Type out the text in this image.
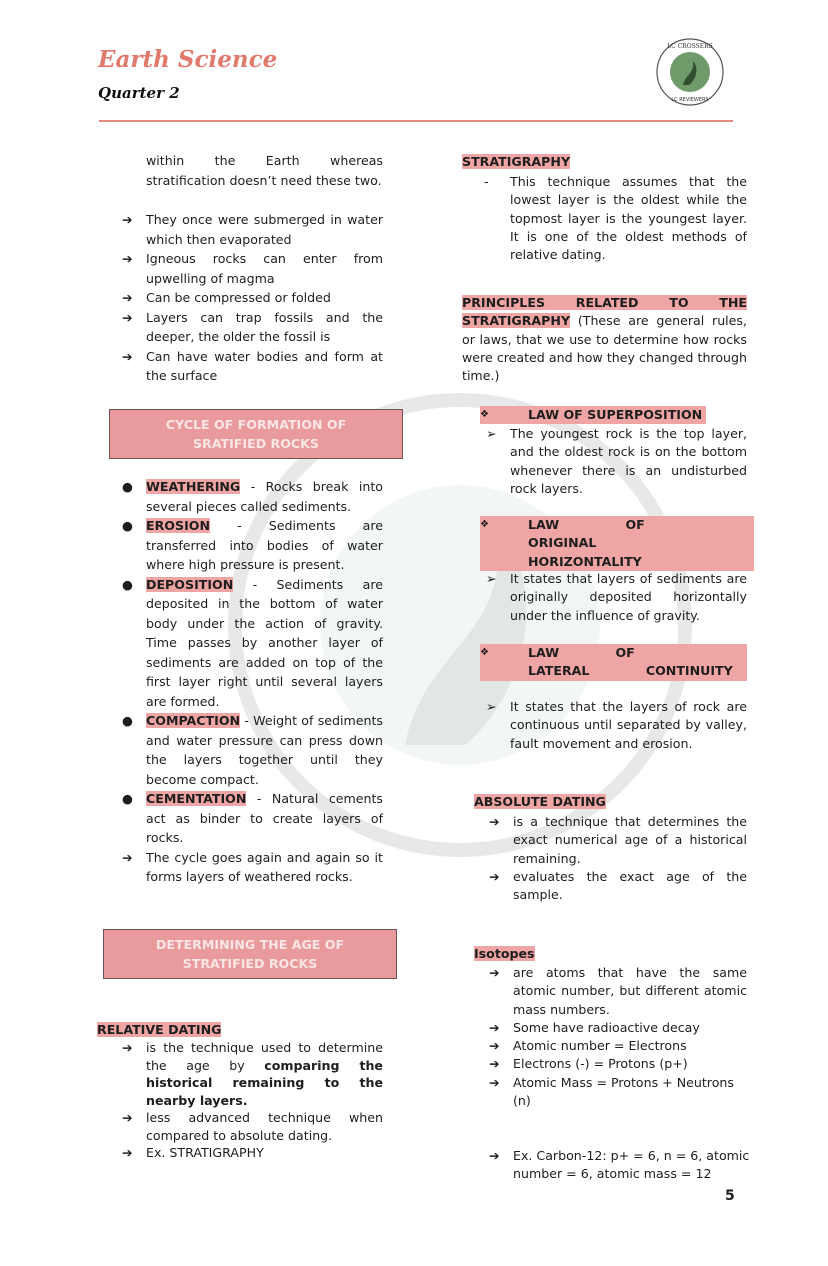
Earth Science
Quarter 2
LC CROSSERS
LC REVIEWERS
within the Earth whereas stratification doesn’t need these two.
➔ They once were submerged in water which then evaporated
➔ Igneous rocks can enter from upwelling of magma
➔ Can be compressed or folded
➔ Layers can trap fossils and the deeper, the older the fossil is
➔ Can have water bodies and form at the surface
CYCLE OF FORMATION OF
SRATIFIED ROCKS
● WEATHERING - Rocks break into several pieces called sediments.
● EROSION - Sediments are transferred into bodies of water where high pressure is present.
● DEPOSITION - Sediments are deposited in the bottom of water body under the action of gravity. Time passes by another layer of sediments are added on top of the first layer right until several layers are formed.
● COMPACTION - Weight of sediments and water pressure can press down the layers together until they become compact.
● CEMENTATION - Natural cements act as binder to create layers of rocks.
➔ The cycle goes again and again so it forms layers of weathered rocks.
DETERMINING THE AGE OF
STRATIFIED ROCKS
RELATIVE DATING
➔ is the technique used to determine the age by comparing the historical remaining to the nearby layers.
➔ less advanced technique when compared to absolute dating.
➔ Ex. STRATIGRAPHY
STRATIGRAPHY
- This technique assumes that the lowest layer is the oldest while the topmost layer is the youngest layer. It is one of the oldest methods of relative dating.
PRINCIPLES RELATED TO THE STRATIGRAPHY (These are general rules, or laws, that we use to determine how rocks were created and how they changed through time.)
LAW OF SUPERPOSITION
❖
➢ The youngest rock is the top layer, and the oldest rock is on the bottom whenever there is an undisturbed rock layers.
LAW OF ORIGINAL HORIZONTALITY
❖
➢ It states that layers of sediments are originally deposited horizontally under the influence of gravity.
LAW OF LATERAL CONTINUITY
❖
➢ It states that the layers of rock are continuous until separated by valley, fault movement and erosion.
ABSOLUTE DATING
➔ is a technique that determines the exact numerical age of a historical remaining.
➔ evaluates the exact age of the sample.
Isotopes
➔ are atoms that have the same atomic number, but different atomic mass numbers.
➔ Some have radioactive decay
➔ Atomic number = Electrons
➔ Electrons (-) = Protons (p+)
➔ Atomic Mass = Protons + Neutrons (n)
➔ Ex. Carbon-12: p+ = 6, n = 6, atomic number = 6, atomic mass = 12
5
